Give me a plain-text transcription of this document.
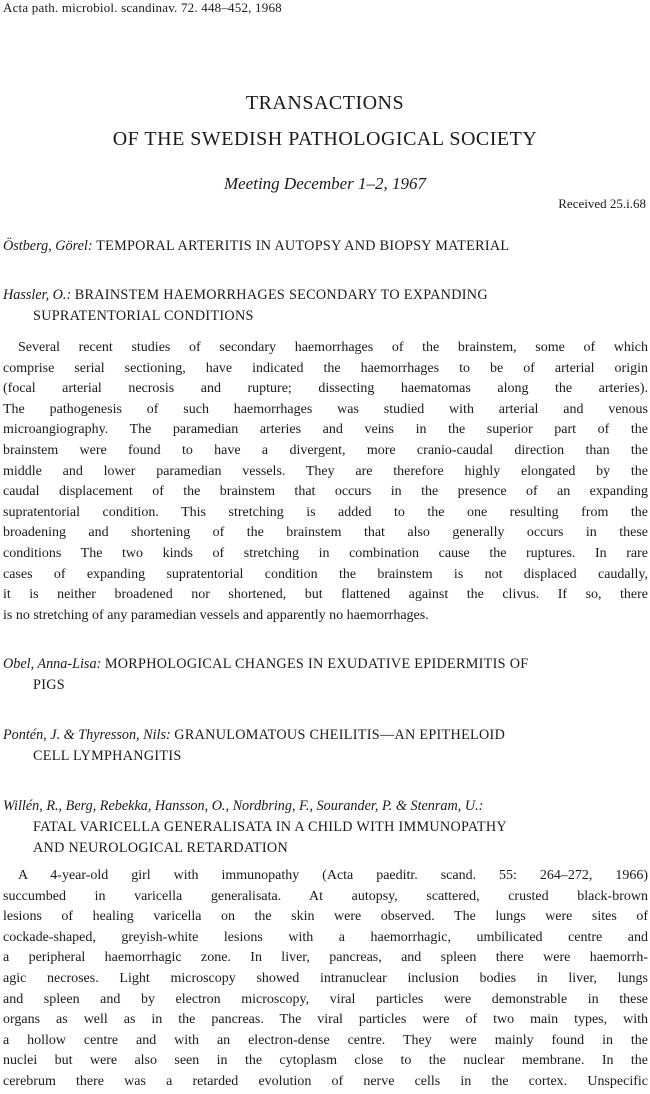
Acta path. microbiol. scandinav. 72. 448–452, 1968
TRANSACTIONS
OF THE SWEDISH PATHOLOGICAL SOCIETY
Meeting December 1–2, 1967
Received 25.i.68
Östberg, Görel: TEMPORAL ARTERITIS IN AUTOPSY AND BIOPSY MATERIAL
Hassler, O.: BRAINSTEM HAEMORRHAGES SECONDARY TO EXPANDING
SUPRATENTORIAL CONDITIONS

Several recent studies of secondary haemorrhages of the brainstem, some of which

comprise serial sectioning, have indicated the haemorrhages to be of arterial origin
(focal arterial necrosis and rupture; dissecting haematomas along the arteries).
The pathogenesis of such haemorrhages was studied with arterial and venous
microangiography. The paramedian arteries and veins in the superior part of the
brainstem were found to have a divergent, more cranio-caudal direction than the
middle and lower paramedian vessels. They are therefore highly elongated by the
caudal displacement of the brainstem that occurs in the presence of an expanding
supratentorial condition. This stretching is added to the one resulting from the
broadening and shortening of the brainstem that also generally occurs in these
conditions The two kinds of stretching in combination cause the ruptures. In rare
cases of expanding supratentorial condition the brainstem is not displaced caudally,
it is neither broadened nor shortened, but flattened against the clivus. If so, there
is no stretching of any paramedian vessels and apparently no haemorrhages.
Obel, Anna-Lisa: MORPHOLOGICAL CHANGES IN EXUDATIVE EPIDERMITIS OF
PIGS
Pontén, J. & Thyresson, Nils: GRANULOMATOUS CHEILITIS—AN EPITHELOID
CELL LYMPHANGITIS
Willén, R., Berg, Rebekka, Hansson, O., Nordbring, F., Sourander, P. & Stenram, U.:
FATAL VARICELLA GENERALISATA IN A CHILD WITH IMMUNOPATHY
AND NEUROLOGICAL RETARDATION

A 4-year-old girl with immunopathy (Acta paeditr. scand. 55: 264–272, 1966)

succumbed in varicella generalisata. At autopsy, scattered, crusted black-brown
lesions of healing varicella on the skin were observed. The lungs were sites of
cockade-shaped, greyish-white lesions with a haemorrhagic, umbilicated centre and
a peripheral haemorrhagic zone. In liver, pancreas, and spleen there were haemorrh-
agic necroses. Light microscopy showed intranuclear inclusion bodies in liver, lungs
and spleen and by electron microscopy, viral particles were demonstrable in these
organs as well as in the pancreas. The viral particles were of two main types, with
a hollow centre and with an electron-dense centre. They were mainly found in the
nuclei but were also seen in the cytoplasm close to the nuclear membrane. In the
cerebrum there was a retarded evolution of nerve cells in the cortex. Unspecific
